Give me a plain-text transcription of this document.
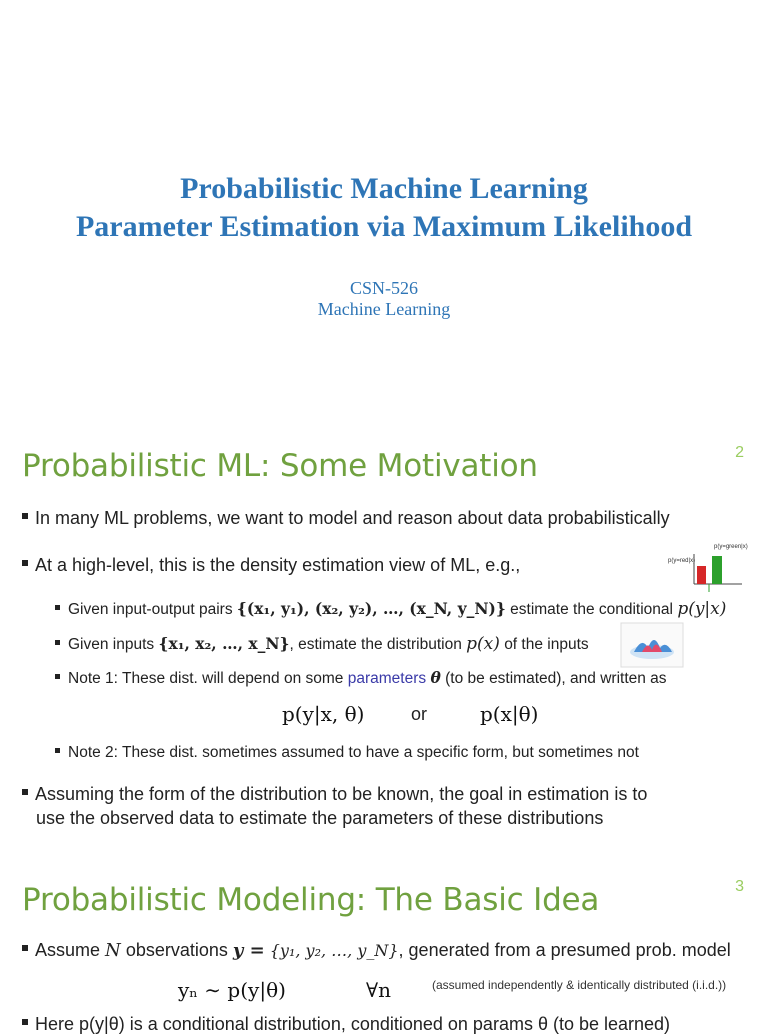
Probabilistic Machine Learning
Parameter Estimation via Maximum Likelihood
CSN-526
Machine Learning
Probabilistic ML: Some Motivation	2
In many ML problems, we want to model and reason about data probabilistically
At a high-level, this is the density estimation view of ML, e.g.,
p(y=green|x)
p(y=red|x)
Given input-output pairs {(x₁, y₁), (x₂, y₂), …, (x_N, y_N)} estimate the conditional p(y|x)
Given inputs {x₁, x₂, …, x_N}, estimate the distribution p(x) of the inputs
Note 1: These dist. will depend on some parameters θ (to be estimated), and written as
p(y|x, θ)	or	p(x|θ)
Note 2: These dist. sometimes assumed to have a specific form, but sometimes not
Assuming the form of the distribution to be known, the goal in estimation is to
use the observed data to estimate the parameters of these distributions
Probabilistic Modeling: The Basic Idea	3
Assume N observations y = {y₁, y₂, …, y_N}, generated from a presumed prob. model
yₙ ∼ p(y|θ)	∀n	(assumed independently & identically distributed (i.i.d.))
Here p(y|θ) is a conditional distribution, conditioned on params θ (to be learned)
